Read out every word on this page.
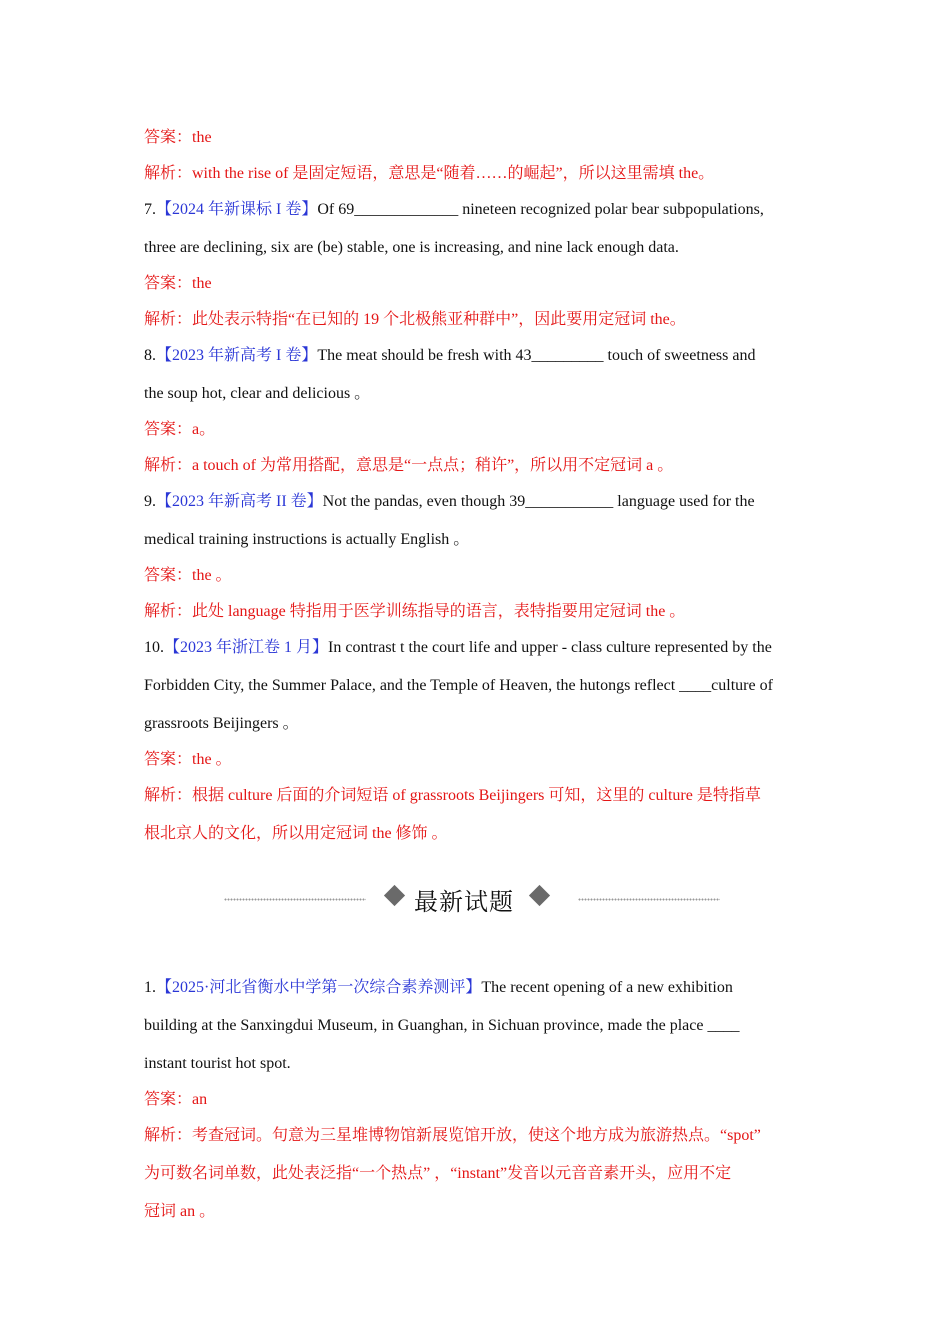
答案：the
解析：with the rise of 是固定短语，意思是“随着……的崛起”，所以这里需填 the。
7.【2024 年新课标 I 卷】Of 69_____________ nineteen recognized polar bear subpopulations,
three are declining, six are (be) stable, one is increasing, and nine lack enough data.
答案：the
解析：此处表示特指“在已知的 19 个北极熊亚种群中”，因此要用定冠词 the。
8.【2023 年新高考 I 卷】The meat should be fresh with 43_________ touch of sweetness and
the soup hot, clear and delicious 。
答案：a。
解析：a touch of 为常用搭配，意思是“一点点；稍许”，所以用不定冠词 a 。
9.【2023 年新高考 II 卷】Not the pandas, even though 39___________ language used for the
medical training instructions is actually English 。
答案：the 。
解析：此处 language 特指用于医学训练指导的语言，表特指要用定冠词 the 。
10.【2023 年浙江卷 1 月】In contrast t the court life and upper - class culture represented by the
Forbidden City, the Summer Palace, and the Temple of Heaven, the hutongs reflect ____culture of
grassroots Beijingers 。
答案：the 。
解析：根据 culture 后面的介词短语 of grassroots Beijingers 可知，这里的 culture 是特指草
根北京人的文化，所以用定冠词 the 修饰 。
最新试题
1.【2025·河北省衡水中学第一次综合素养测评】The recent opening of a new exhibition
building at the Sanxingdui Museum, in Guanghan, in Sichuan province, made the place ____
instant tourist hot spot.
答案：an
解析：考查冠词。句意为三星堆博物馆新展览馆开放，使这个地方成为旅游热点。“spot”
为可数名词单数，此处表泛指“一个热点” ，“instant”发音以元音音素开头，应用不定
冠词 an 。
